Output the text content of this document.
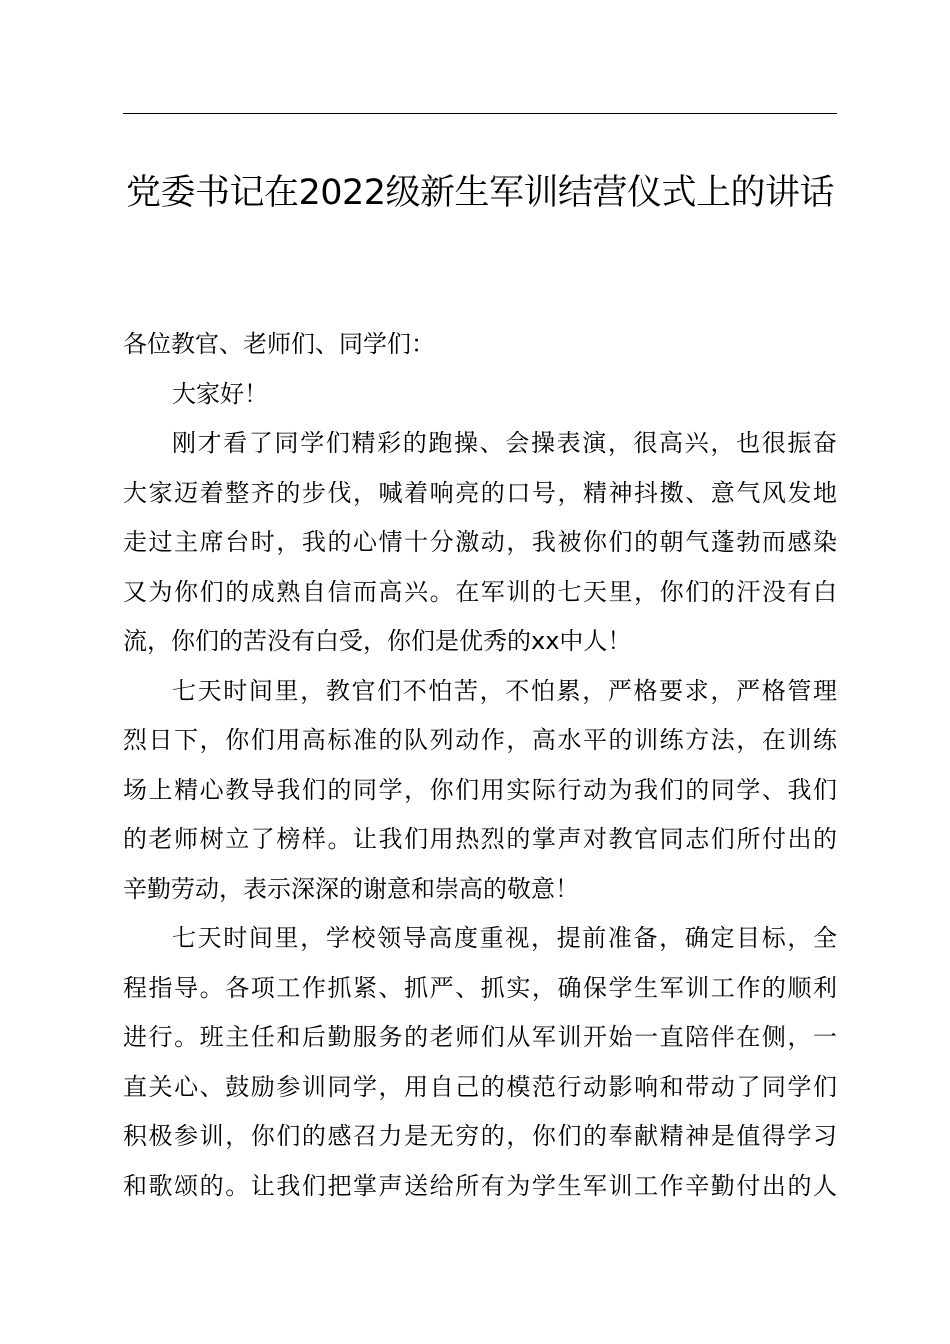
党委书记在2022级新生军训结营仪式上的讲话
各位教官、老师们、同学们：
大家好！
刚才看了同学们精彩的跑操、会操表演，很高兴，也很振奋
大家迈着整齐的步伐，喊着响亮的口号，精神抖擞、意气风发地
走过主席台时，我的心情十分激动，我被你们的朝气蓬勃而感染
又为你们的成熟自信而高兴。在军训的七天里，你们的汗没有白
流，你们的苦没有白受，你们是优秀的xx中人！
七天时间里，教官们不怕苦，不怕累，严格要求，严格管理
烈日下，你们用高标准的队列动作，高水平的训练方法，在训练
场上精心教导我们的同学，你们用实际行动为我们的同学、我们
的老师树立了榜样。让我们用热烈的掌声对教官同志们所付出的
辛勤劳动，表示深深的谢意和崇高的敬意！
七天时间里，学校领导高度重视，提前准备，确定目标，全
程指导。各项工作抓紧、抓严、抓实，确保学生军训工作的顺利
进行。班主任和后勤服务的老师们从军训开始一直陪伴在侧，一
直关心、鼓励参训同学，用自己的模范行动影响和带动了同学们
积极参训，你们的感召力是无穷的，你们的奉献精神是值得学习
和歌颂的。让我们把掌声送给所有为学生军训工作辛勤付出的人
